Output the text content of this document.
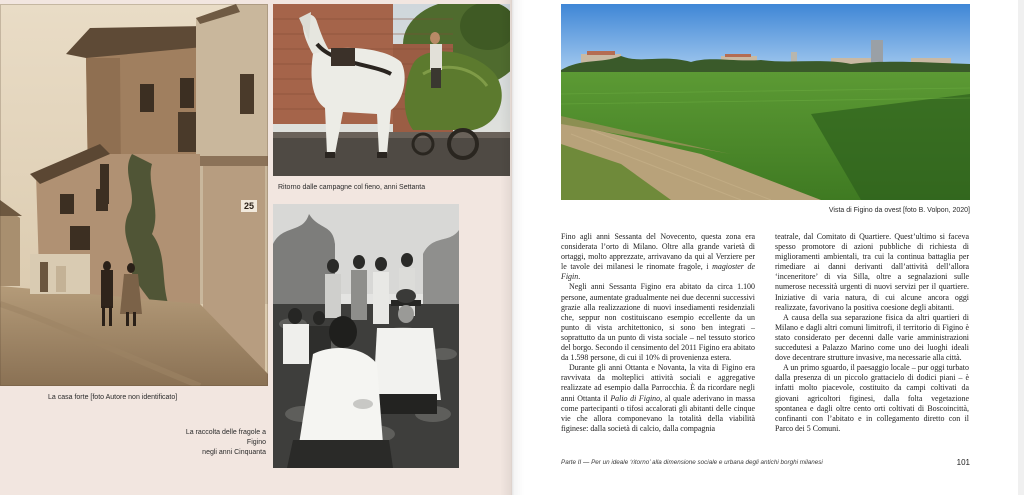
25
La casa forte [foto Autore non identificato]
Ritorno dalle campagne col fieno, anni Settanta
La raccolta delle fragole a Figino
negli anni Cinquanta
Vista di Figino da ovest [foto B. Volpon, 2020]

Fino agli anni Sessanta del Novecento, questa zona era considerata l’orto di Milano. Oltre alla grande varietà di ortaggi, molto apprezzate, arrivavano da qui al Verziere per le tavole dei milanesi le rinomate fragole, i magioster de Figin.

Negli anni Sessanta Figino era abitato da circa 1.100 persone, aumentate gradualmente nei due decenni successivi grazie alla realizzazione di nuovi insediamenti residenziali che, seppur non costituiscano esempio eccellente da un punto di vista architettonico, si sono ben integrati – soprattutto da un punto di vista sociale – nel tessuto storico del borgo. Secondo il censimento del 2011 Figino era abitato da 1.598 persone, di cui il 10% di provenienza estera.

Durante gli anni Ottanta e Novanta, la vita di Figino era ravvivata da molteplici attività sociali e aggregative realizzate ad esempio dalla Parrocchia. È da ricordare negli anni Ottanta il Palio di Figino, al quale aderivano in massa come partecipanti o tifosi accalorati gli abitanti delle cinque vie che allora componevano la totalità della viabilità figinese: dalla società di calcio, dalla compagnia

teatrale, dal Comitato di Quartiere. Quest’ultimo si faceva spesso promotore di azioni pubbliche di richiesta di miglioramenti ambientali, tra cui la continua battaglia per rimediare ai danni derivanti dall’attività dell’allora ‘inceneritore’ di via Silla, oltre a segnalazioni sulle numerose necessità urgenti di nuovi servizi per il quartiere. Iniziative di varia natura, di cui alcune ancora oggi realizzate, favorivano la positiva coesione degli abitanti.

A causa della sua separazione fisica da altri quartieri di Milano e dagli altri comuni limitrofi, il territorio di Figino è stato considerato per decenni dalle varie amministrazioni succedutesi a Palazzo Marino come uno dei luoghi ideali dove decentrare strutture invasive, ma necessarie alla città.

A un primo sguardo, il paesaggio locale – pur oggi turbato dalla presenza di un piccolo grattacielo di dodici piani – è infatti molto piacevole, costituito da campi coltivati da giovani agricoltori figinesi, dalla folta vegetazione spontanea e dagli oltre cento orti coltivati di Boscoincittà, confinanti con l’abitato e in collegamento diretto con il Parco dei 5 Comuni.

Parte II — Per un ideale ‘ritorno’ alla dimensione sociale e urbana degli antichi borghi milanesi	101
